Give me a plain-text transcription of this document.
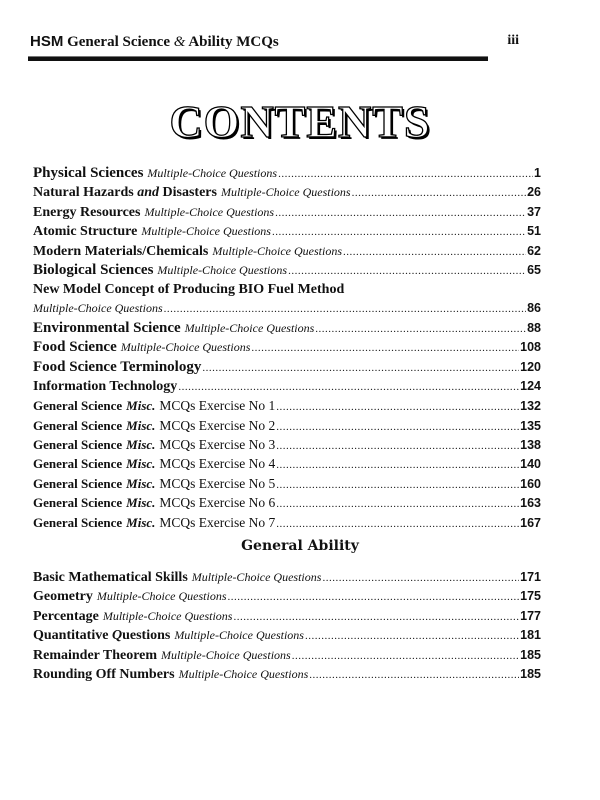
HSM General Science & Ability MCQs	iii
CONTENTS
Physical Sciences Multiple-Choice Questions .....	1
Natural Hazards and Disasters Multiple-Choice Questions .....	26
Energy Resources Multiple-Choice Questions .....	37
Atomic Structure Multiple-Choice Questions .....	51
Modern Materials/Chemicals Multiple-Choice Questions .....	62
Biological Sciences Multiple-Choice Questions .....	65
New Model Concept of Producing BIO Fuel Method
Multiple-Choice Questions .....	86
Environmental Science Multiple-Choice Questions .....	88
Food Science Multiple-Choice Questions .....	108
Food Science Terminology .....	120
Information Technology .....	124
General Science Misc. MCQs Exercise No 1 .....	132
General Science Misc. MCQs Exercise No 2 .....	135
General Science Misc. MCQs Exercise No 3 .....	138
General Science Misc. MCQs Exercise No 4 .....	140
General Science Misc. MCQs Exercise No 5 .....	160
General Science Misc. MCQs Exercise No 6 .....	163
General Science Misc. MCQs Exercise No 7 .....	167
General Ability
Basic Mathematical Skills Multiple-Choice Questions .....	171
Geometry Multiple-Choice Questions .....	175
Percentage Multiple-Choice Questions .....	177
Quantitative Questions Multiple-Choice Questions .....	181
Remainder Theorem Multiple-Choice Questions .....	185
Rounding Off Numbers Multiple-Choice Questions .....	185
